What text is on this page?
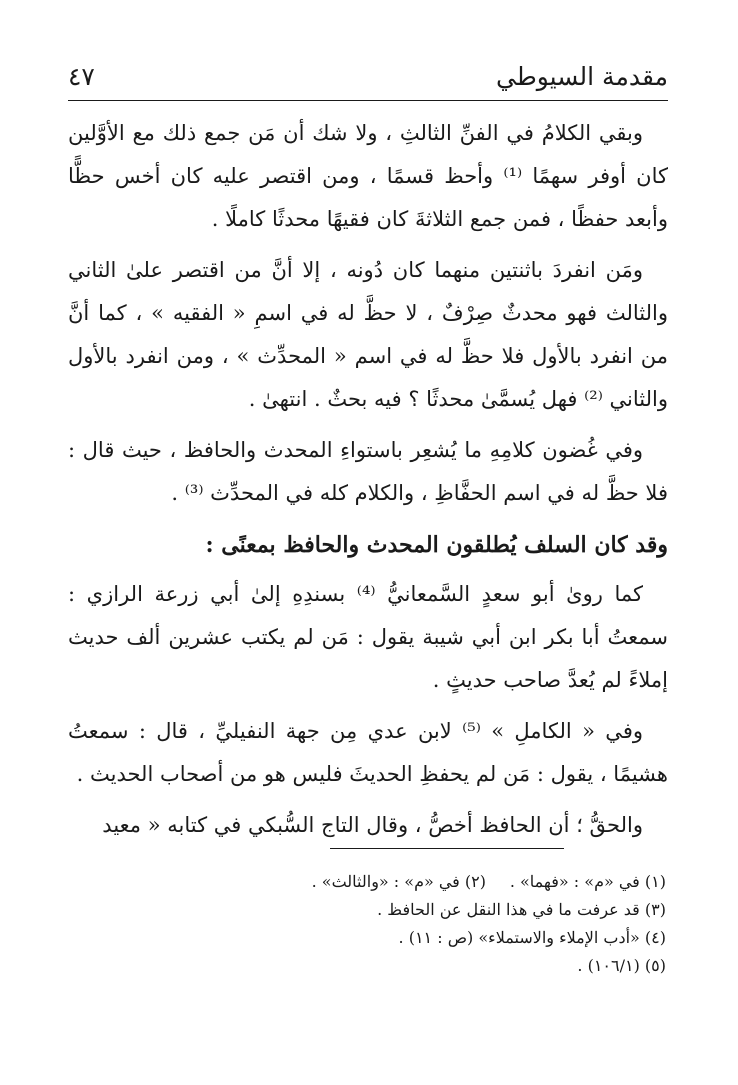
مقدمة السيوطي
٤٧

وبقي الكلامُ في الفنِّ الثالثِ ، ولا شك أن مَن جمع ذلك مع الأوَّلين كان أوفر سهمًا ⁽¹⁾ وأحظ قسمًا ، ومن اقتصر عليه كان أخس حظًّا وأبعد حفظًا ، فمن جمع الثلاثةَ كان فقيهًا محدثًا كاملًا .

ومَن انفردَ باثنتين منهما كان دُونه ، إلا أنَّ من اقتصر علىٰ الثاني والثالث فهو محدثٌ صِرْفٌ ، لا حظَّ له في اسمِ « الفقيه » ، كما أنَّ من انفرد بالأول فلا حظَّ له في اسم « المحدِّث » ، ومن انفرد بالأول والثاني ⁽²⁾ فهل يُسمَّىٰ محدثًا ؟ فيه بحثٌ . انتهىٰ .

وفي غُضون كلامِهِ ما يُشعِر باستواءِ المحدث والحافظ ، حيث قال : فلا حظَّ له في اسم الحفَّاظِ ، والكلام كله في المحدِّث ⁽³⁾ .

وقد كان السلف يُطلقون المحدث والحافظ بمعنًى :

كما روىٰ أبو سعدٍ السَّمعانيُّ ⁽⁴⁾ بسندِهِ إلىٰ أبي زرعة الرازي : سمعتُ أبا بكر ابن أبي شيبة يقول : مَن لم يكتب عشرين ألف حديث إملاءً لم يُعدَّ صاحب حديثٍ .

وفي « الكاملِ » ⁽⁵⁾ لابن عدي مِن جهة النفيليِّ ، قال : سمعتُ هشيمًا ، يقول : مَن لم يحفظِ الحديثَ فليس هو من أصحاب الحديث .

والحقُّ ؛ أن الحافظ أخصُّ ، وقال التاج السُّبكي في كتابه « معيد

(١) في «م» : «فهما» .
(٢) في «م» : «والثالث» .
(٣) قد عرفت ما في هذا النقل عن الحافظ .
(٤) «أدب الإملاء والاستملاء» (ص : ١١) .
(٥) (١٠٦/١) .
